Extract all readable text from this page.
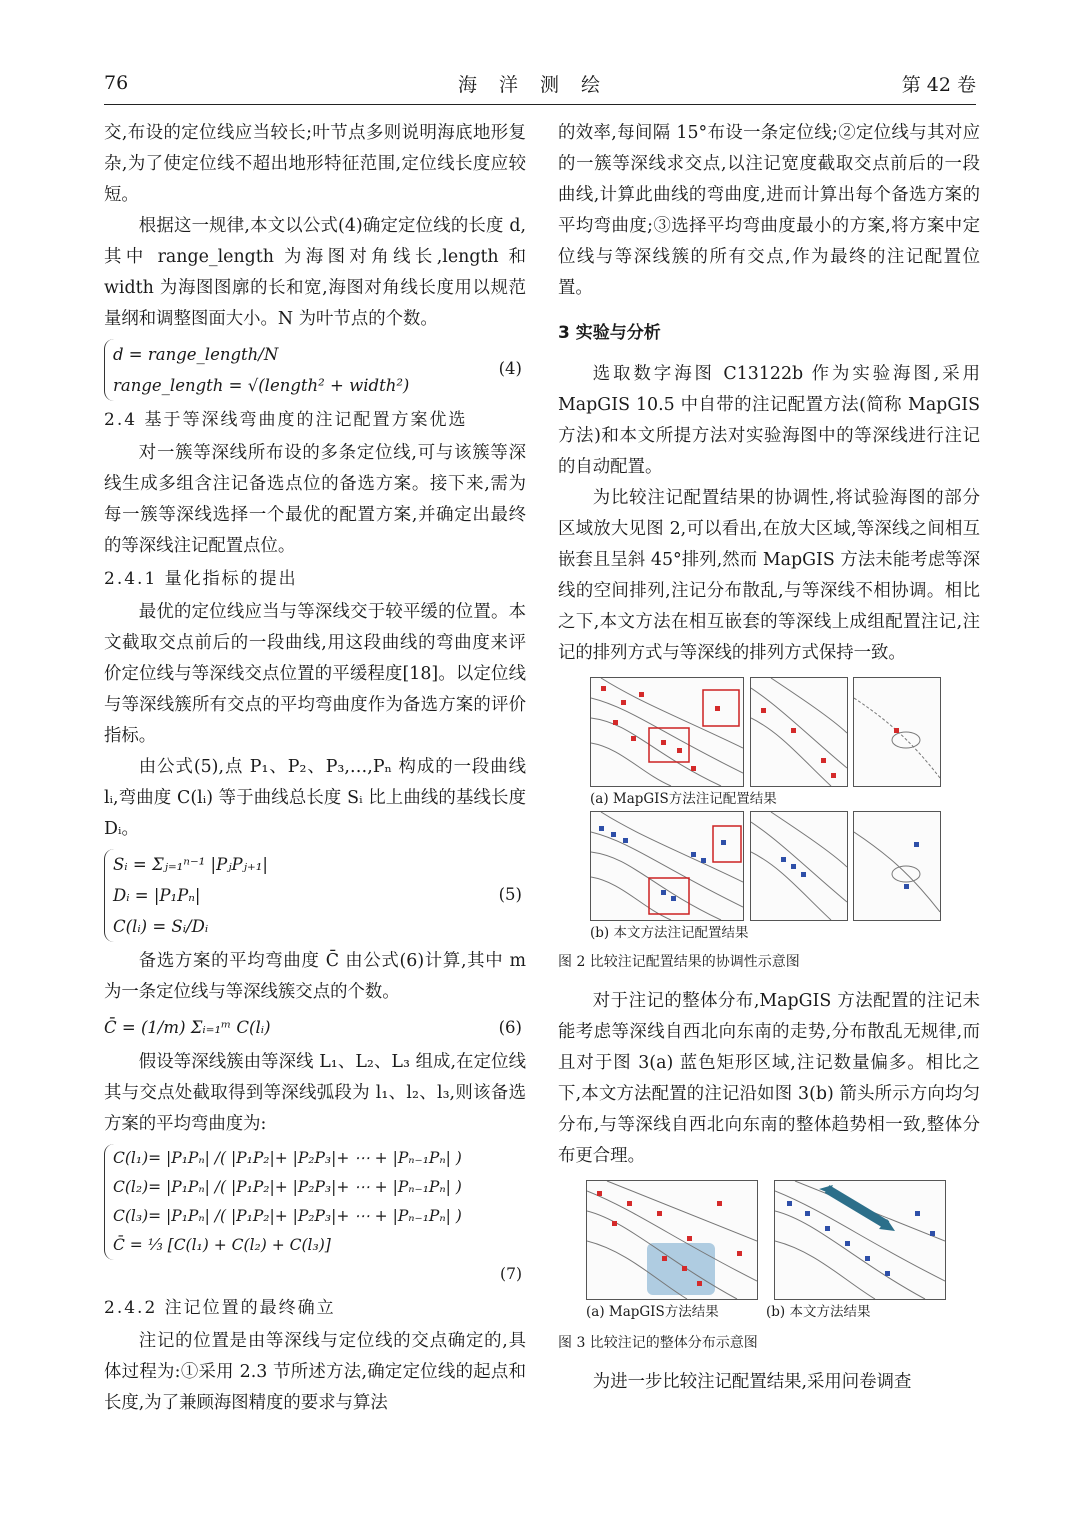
76	海洋测绘	第 42 卷

交,布设的定位线应当较长;叶节点多则说明海底地形复杂,为了使定位线不超出地形特征范围,定位线长度应较短。

根据这一规律,本文以公式(4)确定定位线的长度 d,其中 range_length 为海图对角线长,length 和 width 为海图图廓的长和宽,海图对角线长度用以规范量纲和调整图面大小。N 为叶节点的个数。

d = range_length/N
range_length = √(length² + width²)
(4)

2.4 基于等深线弯曲度的注记配置方案优选

对一簇等深线所布设的多条定位线,可与该簇等深线生成多组含注记备选点位的备选方案。接下来,需为每一簇等深线选择一个最优的配置方案,并确定出最终的等深线注记配置点位。

2.4.1 量化指标的提出

最优的定位线应当与等深线交于较平缓的位置。本文截取交点前后的一段曲线,用这段曲线的弯曲度来评价定位线与等深线交点位置的平缓程度[18]。以定位线与等深线簇所有交点的平均弯曲度作为备选方案的评价指标。

由公式(5),点 P₁、P₂、P₃,…,Pₙ 构成的一段曲线 lᵢ,弯曲度 C(lᵢ) 等于曲线总长度 Sᵢ 比上曲线的基线长度 Dᵢ。

Sᵢ = Σⱼ₌₁ⁿ⁻¹ |PⱼPⱼ₊₁|
Dᵢ = |P₁Pₙ|
C(lᵢ) = Sᵢ/Dᵢ
(5)

备选方案的平均弯曲度 C̄ 由公式(6)计算,其中 m 为一条定位线与等深线簇交点的个数。

C̄ = (1/m) Σᵢ₌₁ᵐ C(lᵢ)	(6)

假设等深线簇由等深线 L₁、L₂、L₃ 组成,在定位线其与交点处截取得到等深线弧段为 l₁、l₂、l₃,则该备选方案的平均弯曲度为:

C(l₁)= |P₁Pₙ| /( |P₁P₂|+ |P₂P₃|+ ⋯ + |Pₙ₋₁Pₙ| )
C(l₂)= |P₁Pₙ| /( |P₁P₂|+ |P₂P₃|+ ⋯ + |Pₙ₋₁Pₙ| )
C(l₃)= |P₁Pₙ| /( |P₁P₂|+ |P₂P₃|+ ⋯ + |Pₙ₋₁Pₙ| )
C̄ = ⅓ [C(l₁) + C(l₂) + C(l₃)]
(7)

2.4.2 注记位置的最终确立

注记的位置是由等深线与定位线的交点确定的,具体过程为:①采用 2.3 节所述方法,确定定位线的起点和长度,为了兼顾海图精度的要求与算法

的效率,每间隔 15°布设一条定位线;②定位线与其对应的一簇等深线求交点,以注记宽度截取交点前后的一段曲线,计算此曲线的弯曲度,进而计算出每个备选方案的平均弯曲度;③选择平均弯曲度最小的方案,将方案中定位线与等深线簇的所有交点,作为最终的注记配置位置。

3 实验与分析

选取数字海图 C13122b 作为实验海图,采用 MapGIS 10.5 中自带的注记配置方法(简称 MapGIS 方法)和本文所提方法对实验海图中的等深线进行注记的自动配置。

为比较注记配置结果的协调性,将试验海图的部分区域放大见图 2,可以看出,在放大区域,等深线之间相互嵌套且呈斜 45°排列,然而 MapGIS 方法未能考虑等深线的空间排列,注记分布散乱,与等深线不相协调。相比之下,本文方法在相互嵌套的等深线上成组配置注记,注记的排列方式与等深线的排列方式保持一致。

(a) MapGIS方法注记配置结果

(b) 本文方法注记配置结果

图 2 比较注记配置结果的协调性示意图

对于注记的整体分布,MapGIS 方法配置的注记未能考虑等深线自西北向东南的走势,分布散乱无规律,而且对于图 3(a) 蓝色矩形区域,注记数量偏多。相比之下,本文方法配置的注记沿如图 3(b) 箭头所示方向均匀分布,与等深线自西北向东南的整体趋势相一致,整体分布更合理。

(a) MapGIS方法结果	(b) 本文方法结果

图 3 比较注记的整体分布示意图

为进一步比较注记配置结果,采用问卷调查
